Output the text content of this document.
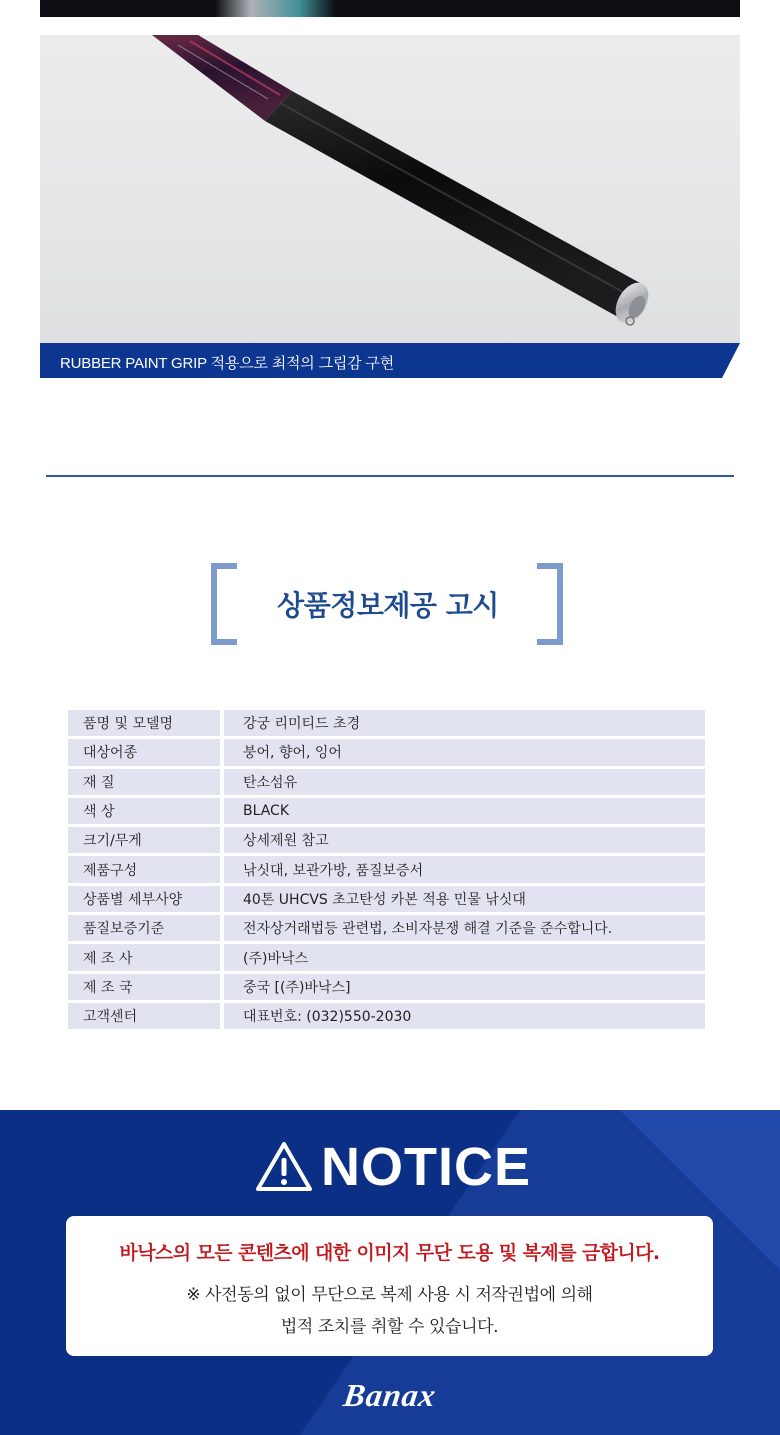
RUBBER PAINT GRIP 적용으로 최적의 그립감 구현
상품정보제공 고시
품명 및 모델명	강궁 리미티드 초경
대상어종	붕어, 향어, 잉어
재 질	탄소섬유
색 상	BLACK
크기/무게	상세제원 참고
제품구성	낚싯대, 보관가방, 품질보증서
상품별 세부사양	40톤 UHCVS 초고탄성 카본 적용 민물 낚싯대
품질보증기준	전자상거래법등 관련법, 소비자분쟁 해결 기준을 준수합니다.
제 조 사	(주)바낙스
제 조 국	중국 [(주)바낙스]
고객센터	대표번호: (032)550-2030
NOTICE
바낙스의 모든 콘텐츠에 대한 이미지 무단 도용 및 복제를 금합니다.
※ 사전동의 없이 무단으로 복제 사용 시 저작권법에 의해
법적 조치를 취할 수 있습니다.
Banax
